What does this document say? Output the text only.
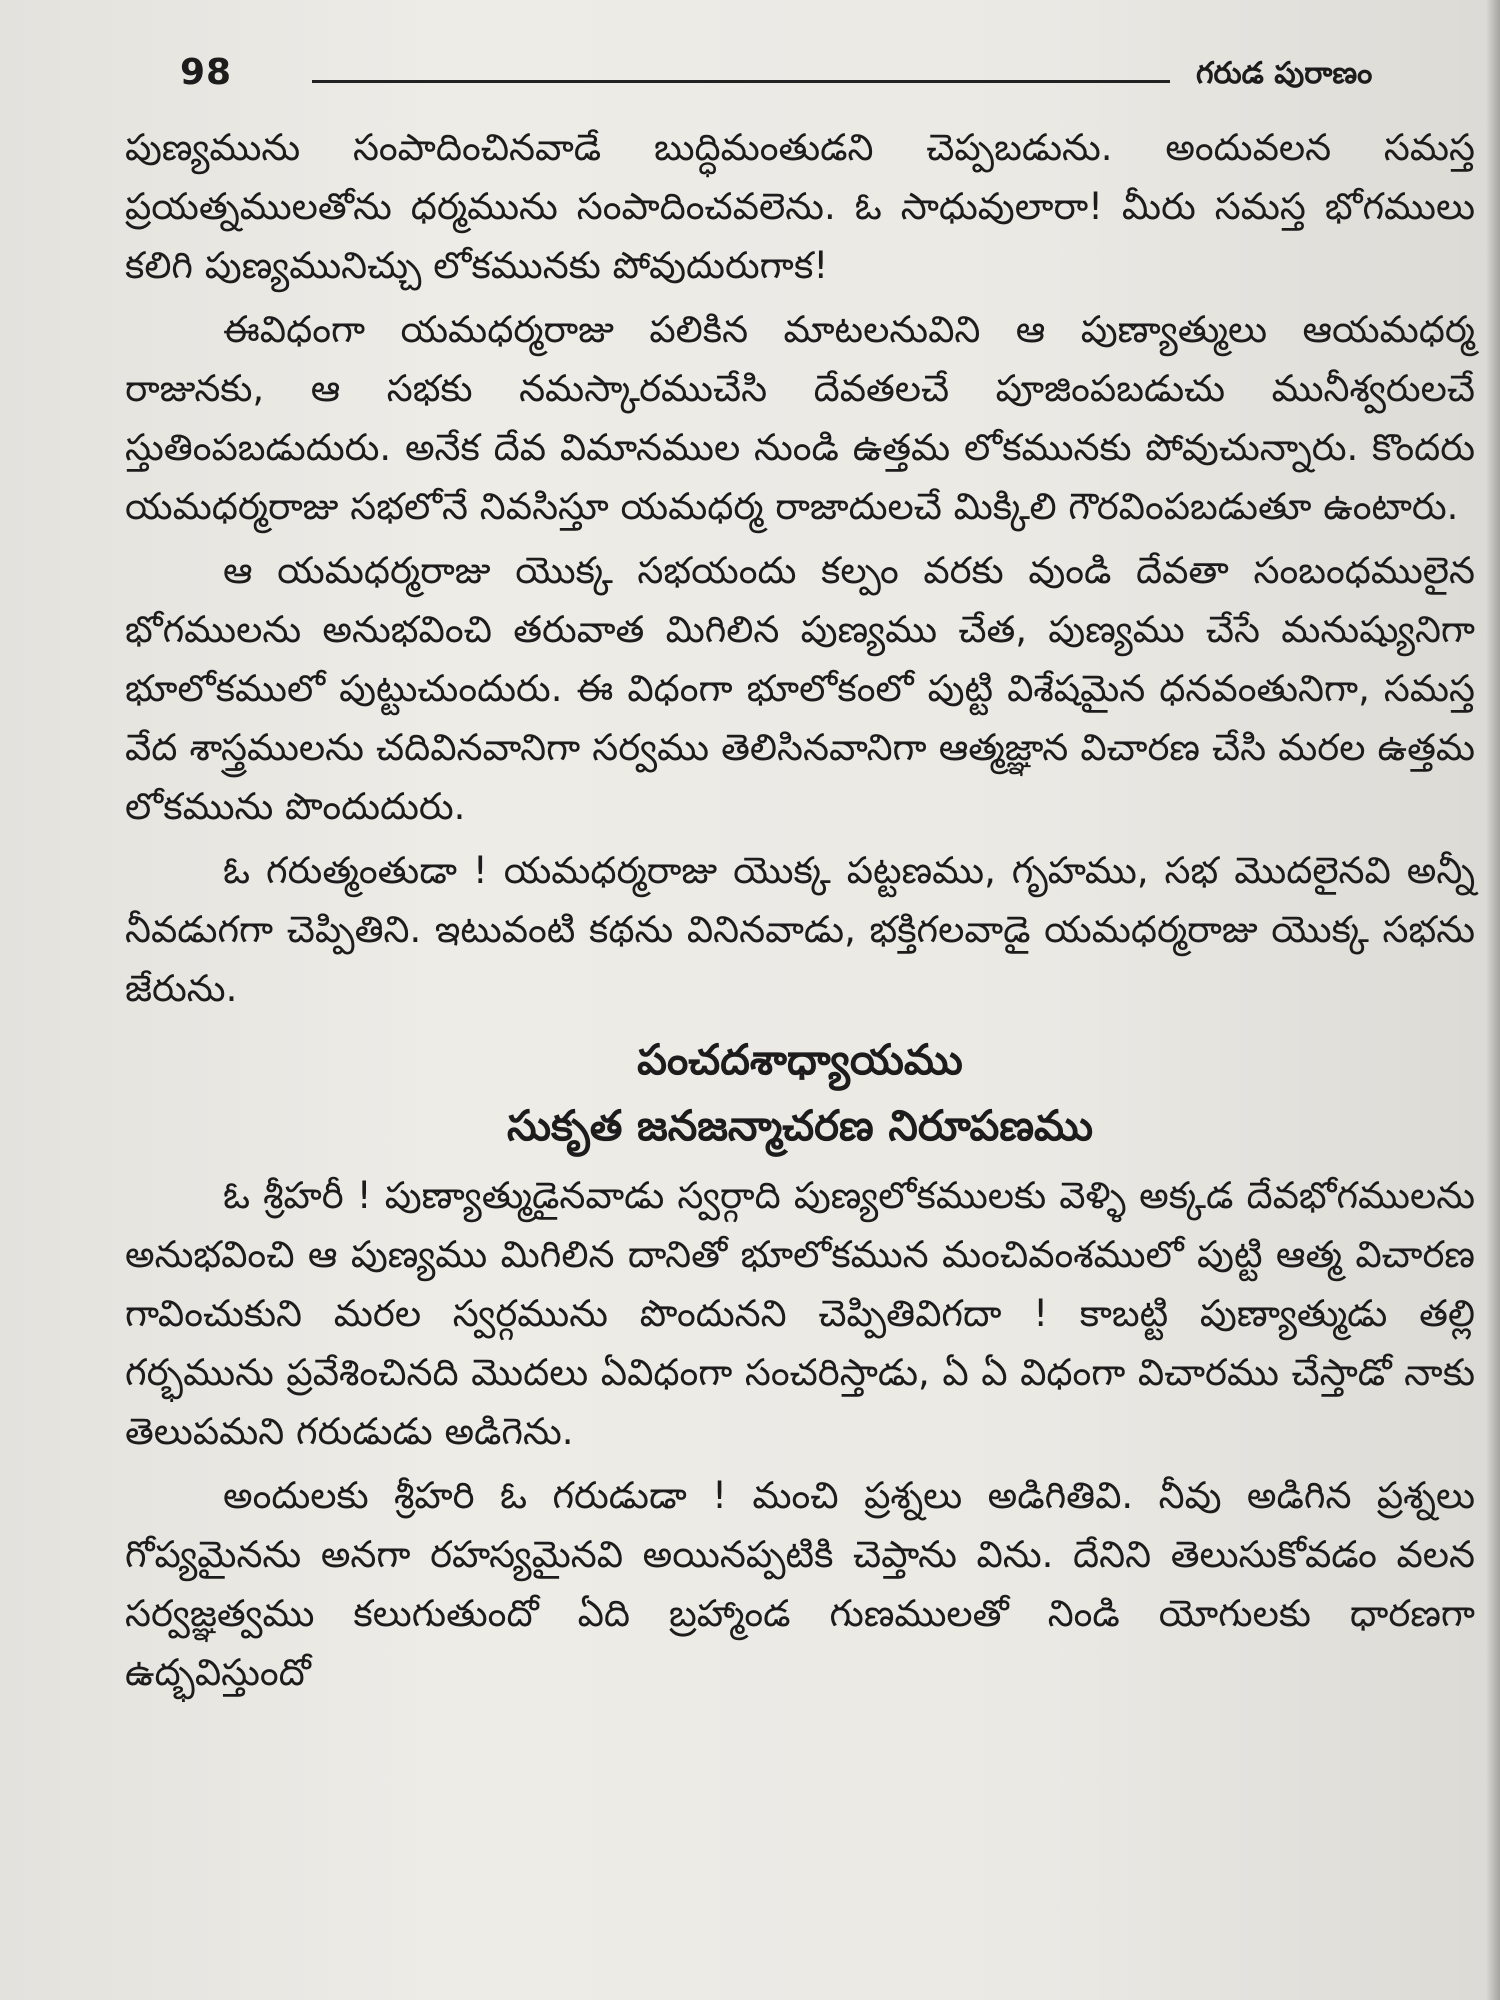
98	గరుడ పురాణం

పుణ్యమును సంపాదించినవాడే బుద్ధిమంతుడని చెప్పబడును. అందువలన సమస్త ప్రయత్నములతోను ధర్మమును సంపాదించవలెను. ఓ సాధువులారా! మీరు సమస్త భోగములు కలిగి పుణ్యమునిచ్చు లోకమునకు పోవుదురుగాక!

ఈవిధంగా యమధర్మరాజు పలికిన మాటలనువిని ఆ పుణ్యాత్ములు ఆయమధర్మ రాజునకు, ఆ సభకు నమస్కారముచేసి దేవతలచే పూజింపబడుచు మునీశ్వరులచే స్తుతింపబడుదురు. అనేక దేవ విమానముల నుండి ఉత్తమ లోకమునకు పోవుచున్నారు. కొందరు యమధర్మరాజు సభలోనే నివసిస్తూ యమధర్మ రాజాదులచే మిక్కిలి గౌరవింపబడుతూ ఉంటారు.

ఆ యమధర్మరాజు యొక్క సభయందు కల్పం వరకు వుండి దేవతా సంబంధములైన భోగములను అనుభవించి తరువాత మిగిలిన పుణ్యము చేత, పుణ్యము చేసే మనుష్యునిగా భూలోకములో పుట్టుచుందురు. ఈ విధంగా భూలోకంలో పుట్టి విశేషమైన ధనవంతునిగా, సమస్త వేద శాస్త్రములను చదివినవానిగా సర్వము తెలిసినవానిగా ఆత్మజ్ఞాన విచారణ చేసి మరల ఉత్తమ లోకమును పొందుదురు.

ఓ గరుత్మంతుడా ! యమధర్మరాజు యొక్క పట్టణము, గృహము, సభ మొదలైనవి అన్నీ నీవడుగగా చెప్పితిని. ఇటువంటి కథను వినినవాడు, భక్తిగలవాడై యమధర్మరాజు యొక్క సభను జేరును.

పంచదశాధ్యాయము
సుకృత జనజన్మాచరణ నిరూపణము

ఓ శ్రీహరీ ! పుణ్యాత్ముడైనవాడు స్వర్గాది పుణ్యలోకములకు వెళ్ళి అక్కడ దేవభోగములను అనుభవించి ఆ పుణ్యము మిగిలిన దానితో భూలోకమున మంచివంశములో పుట్టి ఆత్మ విచారణ గావించుకుని మరల స్వర్గమును పొందునని చెప్పితివిగదా ! కాబట్టి పుణ్యాత్ముడు తల్లి గర్భమును ప్రవేశించినది మొదలు ఏవిధంగా సంచరిస్తాడు, ఏ ఏ విధంగా విచారము చేస్తాడో నాకు తెలుపమని గరుడుడు అడిగెను.

అందులకు శ్రీహరి ఓ గరుడుడా ! మంచి ప్రశ్నలు అడిగితివి. నీవు అడిగిన ప్రశ్నలు గోప్యమైనను అనగా రహస్యమైనవి అయినప్పటికి చెప్తాను విను. దేనిని తెలుసుకోవడం వలన సర్వజ్ఞత్వము కలుగుతుందో ఏది బ్రహ్మాండ గుణములతో నిండి యోగులకు ధారణగా ఉద్భవిస్తుందో
